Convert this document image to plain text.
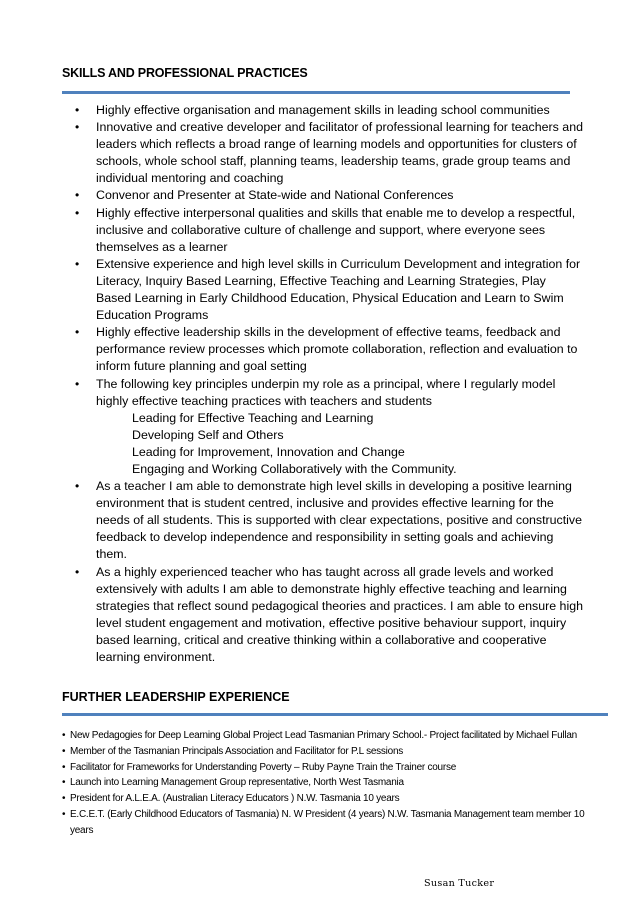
SKILLS AND PROFESSIONAL PRACTICES
• Highly effective organisation and management skills in leading school communities
• Innovative and creative developer and facilitator of professional learning for teachers and leaders which reflects a broad range of learning models and opportunities for clusters of schools, whole school staff, planning teams, leadership teams, grade group teams and individual mentoring and coaching
• Convenor and Presenter at State-wide and National Conferences
• Highly effective interpersonal qualities and skills that enable me to develop a respectful, inclusive and collaborative culture of challenge and support, where everyone sees themselves as a learner
• Extensive experience and high level skills in Curriculum Development and integration for Literacy, Inquiry Based Learning, Effective Teaching and Learning Strategies, Play Based Learning in Early Childhood Education, Physical Education and Learn to Swim Education Programs
• Highly effective leadership skills in the development of effective teams, feedback and performance review processes which promote collaboration, reflection and evaluation to inform future planning and goal setting
• The following key principles underpin my role as a principal, where I regularly model highly effective teaching practices with teachers and students
Leading for Effective Teaching and Learning
Developing Self and Others
Leading for Improvement, Innovation and Change
Engaging and Working Collaboratively with the Community.
• As a teacher I am able to demonstrate high level skills in developing a positive learning environment that is student centred, inclusive and provides effective learning for the needs of all students. This is supported with clear expectations, positive and constructive feedback to develop independence and responsibility in setting goals and achieving them.
• As a highly experienced teacher who has taught across all grade levels and worked extensively with adults I am able to demonstrate highly effective teaching and learning strategies that reflect sound pedagogical theories and practices. I am able to ensure high level student engagement and motivation, effective positive behaviour support, inquiry based learning, critical and creative thinking within a collaborative and cooperative learning environment.
FURTHER LEADERSHIP EXPERIENCE
• New Pedagogies for Deep Learning Global Project Lead Tasmanian Primary School.- Project facilitated by Michael Fullan
• Member of the Tasmanian Principals Association and Facilitator for P.L sessions
• Facilitator for Frameworks for Understanding Poverty – Ruby Payne Train the Trainer course
• Launch into Learning Management Group representative, North West Tasmania
• President for A.L.E.A. (Australian Literacy Educators ) N.W. Tasmania 10 years
• E.C.E.T. (Early Childhood Educators of Tasmania) N. W President (4 years) N.W. Tasmania Management team member 10 years
Susan Tucker
